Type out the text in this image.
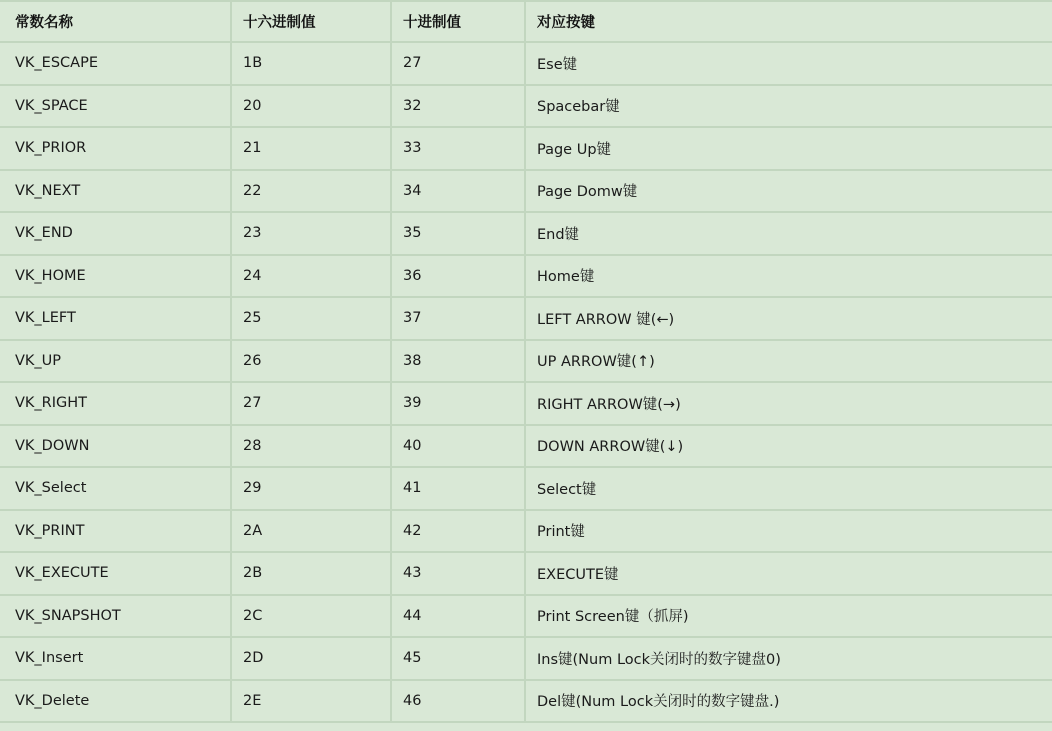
常数名称	十六进制值	十进制值	对应按键
VK_ESCAPE	1B	27	Ese键
VK_SPACE	20	32	Spacebar键
VK_PRIOR	21	33	Page Up键
VK_NEXT	22	34	Page Domw键
VK_END	23	35	End键
VK_HOME	24	36	Home键
VK_LEFT	25	37	LEFT ARROW 键(←)
VK_UP	26	38	UP ARROW键(↑)
VK_RIGHT	27	39	RIGHT ARROW键(→)
VK_DOWN	28	40	DOWN ARROW键(↓)
VK_Select	29	41	Select键
VK_PRINT	2A	42	Print键
VK_EXECUTE	2B	43	EXECUTE键
VK_SNAPSHOT	2C	44	Print Screen键（抓屏)
VK_Insert	2D	45	Ins键(Num Lock关闭时的数字键盘0)
VK_Delete	2E	46	Del键(Num Lock关闭时的数字键盘.)
